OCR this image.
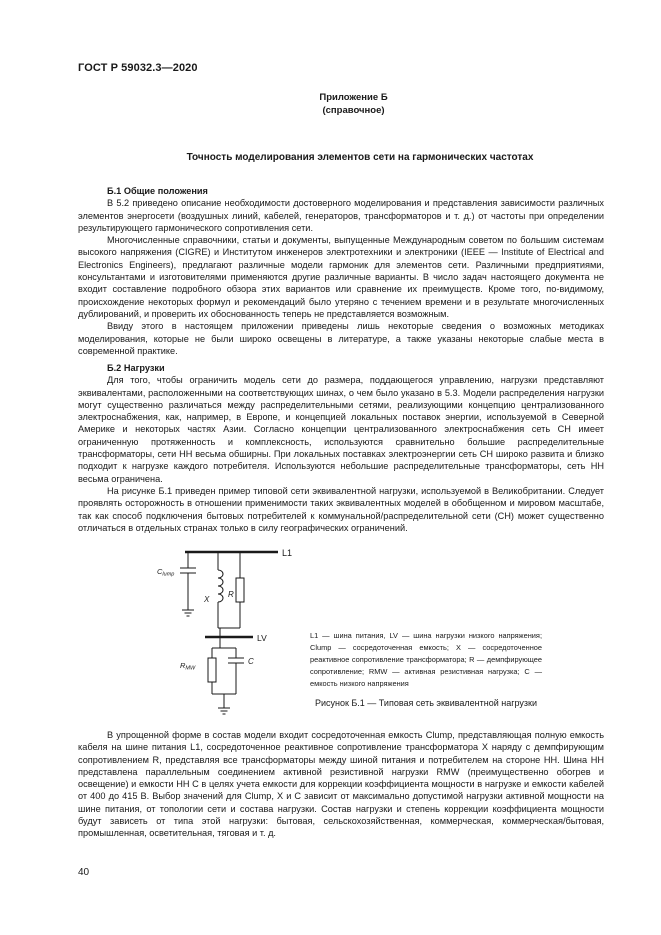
ГОСТ Р 59032.3—2020
Приложение Б
(справочное)
Точность моделирования элементов сети на гармонических частотах

Б.1 Общие положения

В 5.2 приведено описание необходимости достоверного моделирования и представления зависимости различных элементов энергосети (воздушных линий, кабелей, генераторов, трансформаторов и т. д.) от частоты при определении результирующего гармонического сопротивления сети.

Многочисленные справочники, статьи и документы, выпущенные Международным советом по большим системам высокого напряжения (CIGRE) и Институтом инженеров электротехники и электроники (IEEE — Institute of Electrical and Electronics Engineers), предлагают различные модели гармоник для элементов сети. Различными предприятиями, консультантами и изготовителями применяются другие различные варианты. В число задач настоящего документа не входит составление подробного обзора этих вариантов или сравнение их преимуществ. Кроме того, по-видимому, происхождение некоторых формул и рекомендаций было утеряно с течением времени и в результате многочисленных дублирований, и проверить их обоснованность теперь не представляется возможным.

Ввиду этого в настоящем приложении приведены лишь некоторые сведения о возможных методиках моделирования, которые не были широко освещены в литературе, а также указаны некоторые слабые места в современной практике.

Б.2 Нагрузки

Для того, чтобы ограничить модель сети до размера, поддающегося управлению, нагрузки представляют эквивалентами, расположенными на соответствующих шинах, о чем было указано в 5.3. Модели распределения нагрузки могут существенно различаться между распределительными сетями, реализующими концепцию централизованного электроснабжения, как, например, в Европе, и концепцией локальных поставок энергии, используемой в Северной Америке и некоторых частях Азии. Согласно концепции централизованного электроснабжения сеть СН имеет ограниченную протяженность и комплексность, используются сравнительно большие распределительные трансформаторы, сети НН весьма обширны. При локальных поставках электроэнергии сеть СН широко развита и близко подходит к нагрузке каждого потребителя. Используются небольшие распределительные трансформаторы, сеть НН весьма ограничена.

На рисунке Б.1 приведен пример типовой сети эквивалентной нагрузки, используемой в Великобритании. Следует проявлять осторожность в отношении применимости таких эквивалентных моделей в обобщенном и мировом масштабе, так как способ подключения бытовых потребителей к коммунальной/распределительной сети (СН) может существенно отличаться в отдельных странах только в силу географических ограничений.

L1
$C_{lump}$
X
R
LV
$R_{MW}$
C
L1 — шина питания, LV — шина нагрузки низкого напряжения; Clump — сосредоточенная емкость; X — сосредоточенное реактивное сопротивление трансформатора; R — демпфирующее сопротивление; RMW — активная резистивная нагрузка; C — емкость низкого напряжения
Рисунок Б.1 — Типовая сеть эквивалентной нагрузки

В упрощенной форме в состав модели входит сосредоточенная емкость Clump, представляющая полную емкость кабеля на шине питания L1, сосредоточенное реактивное сопротивление трансформатора X наряду с демпфирующим сопротивлением R, представляя все трансформаторы между шиной питания и потребителем на стороне НН. Шина НН представлена параллельным соединением активной резистивной нагрузки RMW (преимущественно обогрев и освещение) и емкости НН С в целях учета емкости для коррекции коэффициента мощности в нагрузке и емкости кабелей от 400 до 415 В. Выбор значений для Clump, X и С зависит от максимально допустимой нагрузки активной мощности на шине питания, от топологии сети и состава нагрузки. Состав нагрузки и степень коррекции коэффициента мощности будут зависеть от типа этой нагрузки: бытовая, сельскохозяйственная, коммерческая, коммерческая/бытовая, промышленная, осветительная, тяговая и т. д.

40
